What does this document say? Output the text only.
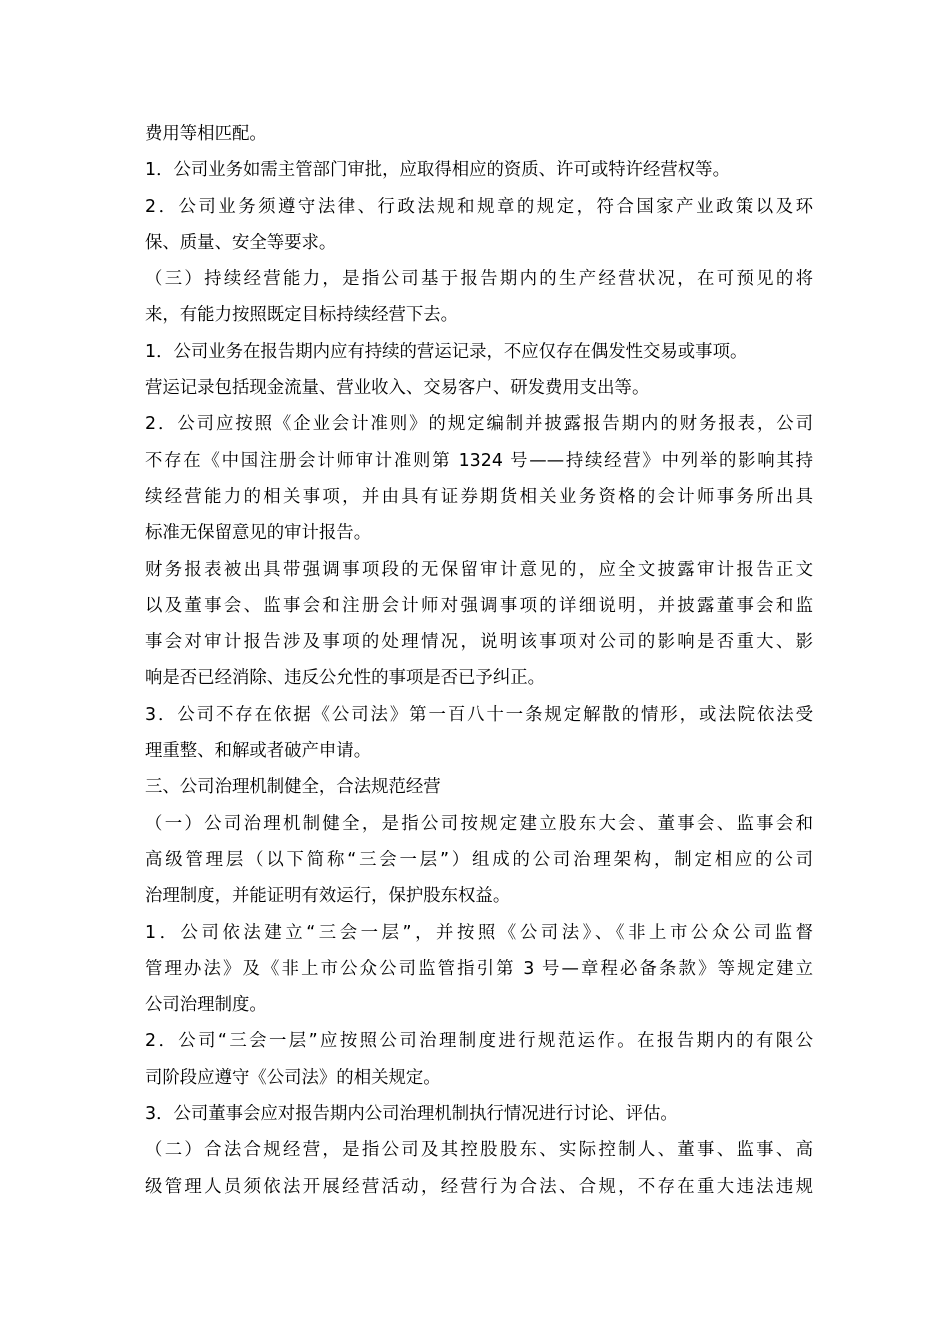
费用等相匹配。
1．公司业务如需主管部门审批，应取得相应的资质、许可或特许经营权等。
2．公司业务须遵守法律、行政法规和规章的规定，符合国家产业政策以及环
保、质量、安全等要求。
（三）持续经营能力，是指公司基于报告期内的生产经营状况，在可预见的将
来，有能力按照既定目标持续经营下去。
1．公司业务在报告期内应有持续的营运记录，不应仅存在偶发性交易或事项。
营运记录包括现金流量、营业收入、交易客户、研发费用支出等。
2．公司应按照《企业会计准则》的规定编制并披露报告期内的财务报表，公司
不存在《中国注册会计师审计准则第 1324 号——持续经营》中列举的影响其持
续经营能力的相关事项，并由具有证券期货相关业务资格的会计师事务所出具
标准无保留意见的审计报告。
财务报表被出具带强调事项段的无保留审计意见的，应全文披露审计报告正文
以及董事会、监事会和注册会计师对强调事项的详细说明，并披露董事会和监
事会对审计报告涉及事项的处理情况，说明该事项对公司的影响是否重大、影
响是否已经消除、违反公允性的事项是否已予纠正。
3．公司不存在依据《公司法》第一百八十一条规定解散的情形，或法院依法受
理重整、和解或者破产申请。
三、公司治理机制健全，合法规范经营
（一）公司治理机制健全，是指公司按规定建立股东大会、董事会、监事会和
高级管理层（以下简称“三会一层”）组成的公司治理架构，制定相应的公司
治理制度，并能证明有效运行，保护股东权益。
1．公司依法建立“三会一层”，并按照《公司法》、《非上市公众公司监督
管理办法》及《非上市公众公司监管指引第 3 号—章程必备条款》等规定建立
公司治理制度。
2．公司“三会一层”应按照公司治理制度进行规范运作。在报告期内的有限公
司阶段应遵守《公司法》的相关规定。
3．公司董事会应对报告期内公司治理机制执行情况进行讨论、评估。
（二）合法合规经营，是指公司及其控股股东、实际控制人、董事、监事、高
级管理人员须依法开展经营活动，经营行为合法、合规，不存在重大违法违规
